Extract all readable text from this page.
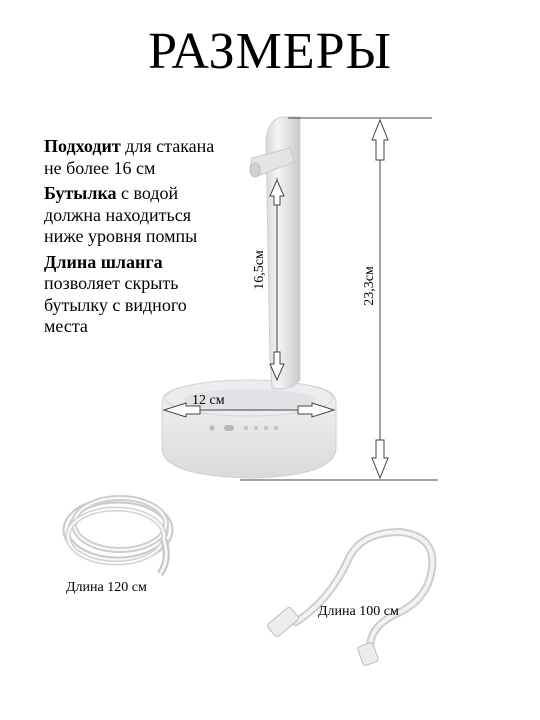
РАЗМЕРЫ

Подходит для стакана не более 16 см

Бутылка с водой должна находиться ниже уровня помпы

Длина шланга позволяет скрыть бутылку с видного места

16,5см	23,3см
12 см
Длина 120 см
Длина 100 см
